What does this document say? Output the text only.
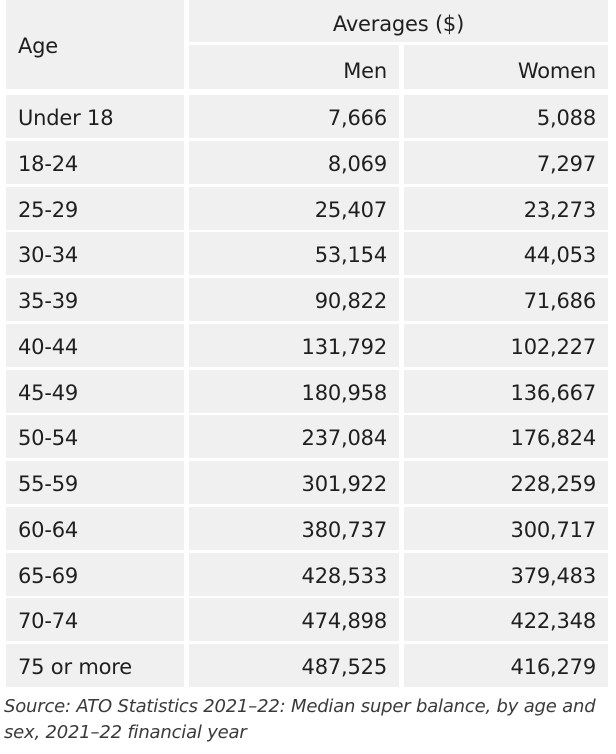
Age
Averages ($)
Men	Women
Under 18	7,666	5,088
18-24	8,069	7,297
25-29	25,407	23,273
30-34	53,154	44,053
35-39	90,822	71,686
40-44	131,792	102,227
45-49	180,958	136,667
50-54	237,084	176,824
55-59	301,922	228,259
60-64	380,737	300,717
65-69	428,533	379,483
70-74	474,898	422,348
75 or more	487,525	416,279
Source: ATO Statistics 2021–22: Median super balance, by age and sex, 2021–22 financial year
